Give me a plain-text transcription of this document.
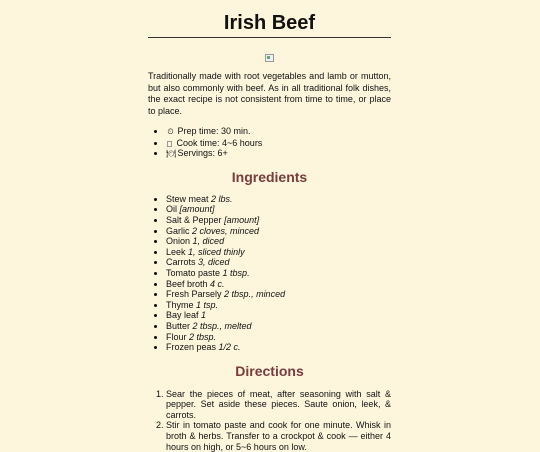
Irish Beef

Traditionally made with root vegetables and lamb or mutton, but also commonly with beef. As in all traditional folk dishes, the exact recipe is not consistent from time to time, or place to place.

• ⏲ Prep time: 30 min.
• Cook time: 4~6 hours
• 🍽 Servings: 6+
Ingredients
• Stew meat 2 lbs.
• Oil [amount]
• Salt & Pepper [amount]
• Garlic 2 cloves, minced
• Onion 1, diced
• Leek 1, sliced thinly
• Carrots 3, diced
• Tomato paste 1 tbsp.
• Beef broth 4 c.
• Fresh Parsely 2 tbsp., minced
• Thyme 1 tsp.
• Bay leaf 1
• Butter 2 tbsp., melted
• Flour 2 tbsp.
• Frozen peas 1/2 c.
Directions
1. Sear the pieces of meat, after seasoning with salt & pepper. Set aside these pieces. Saute onion, leek, & carrots.
2. Stir in tomato paste and cook for one minute. Whisk in broth & herbs. Transfer to a crockpot & cook — either 4 hours on high, or 5~6 hours on low.
